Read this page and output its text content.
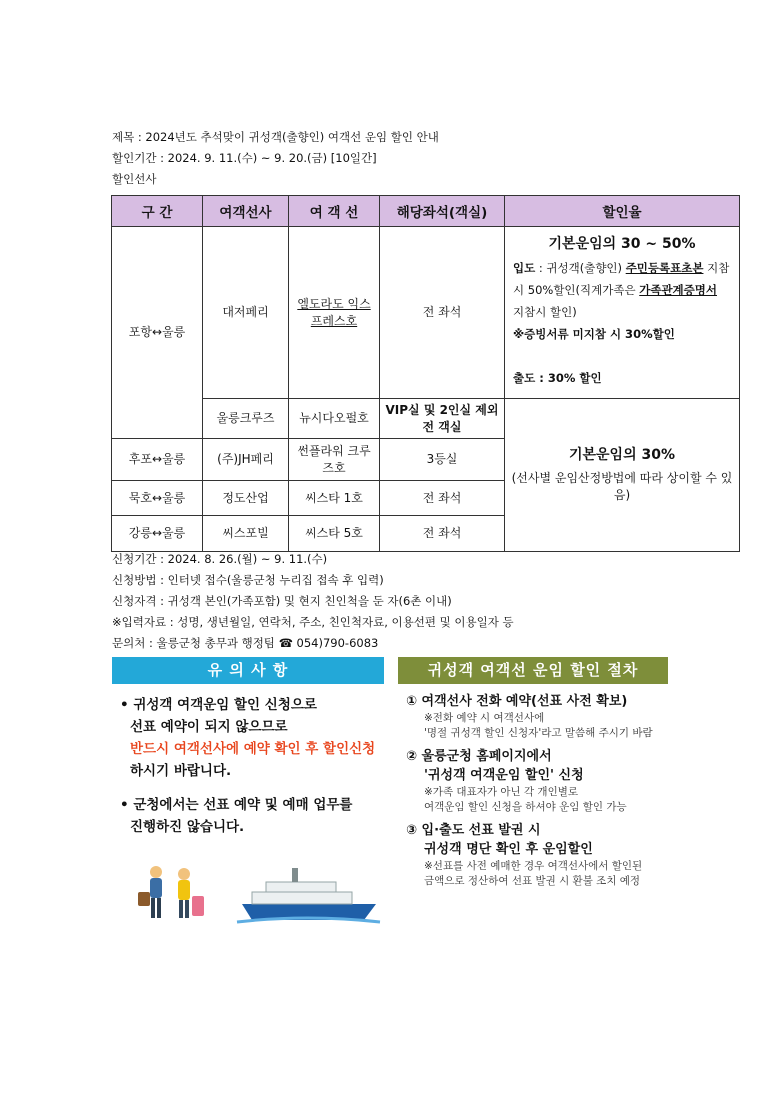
제목 : 2024년도 추석맞이 귀성객(출향인) 여객선 운임 할인 안내
할인기간 : 2024. 9. 11.(수) ~ 9. 20.(금) [10일간]
할인선사
구 간	여객선사	여 객 선	해당좌석(객실)	할인율
포항↔울릉	대저페리	엘도라도 익스프레스호	전 좌석	기본운임의 30 ~ 50%
입도 : 귀성객(출향인) 주민등록표초본 지참시 50%할인(직계가족은 가족관계증명서 지참시 할인)
※증빙서류 미지참 시 30%할인

출도 : 30% 할인
	울릉크루즈	뉴시다오펄호	VIP실 및 2인실 제외 전 객실	기본운임의 30%
(선사별 운임산정방법에 따라 상이할 수 있음)
후포↔울릉	(주)JH페리	썬플라워 크루즈호	3등실	
묵호↔울릉	정도산업	씨스타 1호	전 좌석	
강릉↔울릉	씨스포빌	씨스타 5호	전 좌석	
신청기간 : 2024. 8. 26.(월) ~ 9. 11.(수)
신청방법 : 인터넷 접수(울릉군청 누리집 접속 후 입력)
신청자격 : 귀성객 본인(가족포함) 및 현지 친인척을 둔 자(6촌 이내)
※입력자료 : 성명, 생년월일, 연락처, 주소, 친인척자료, 이용선편 및 이용일자 등
문의처 : 울릉군청 총무과 행정팀 ☎ 054)790-6083
유 의 사 항
• 귀성객 여객운임 할인 신청으로
선표 예약이 되지 않으므로
반드시 여객선사에 예약 확인 후 할인신청
하시기 바랍니다.
• 군청에서는 선표 예약 및 예매 업무를
진행하진 않습니다.
귀성객 여객선 운임 할인 절차
① 여객선사 전화 예약(선표 사전 확보)
※전화 예약 시 여객선사에
'명절 귀성객 할인 신청자'라고 말씀해 주시기 바람
② 울릉군청 홈페이지에서
'귀성객 여객운임 할인' 신청
※가족 대표자가 아닌 각 개인별로
여객운임 할인 신청을 하셔야 운임 할인 가능
③ 입·출도 선표 발권 시
귀성객 명단 확인 후 운임할인
※선표를 사전 예매한 경우 여객선사에서 할인된
금액으로 정산하여 선표 발권 시 환불 조치 예정
